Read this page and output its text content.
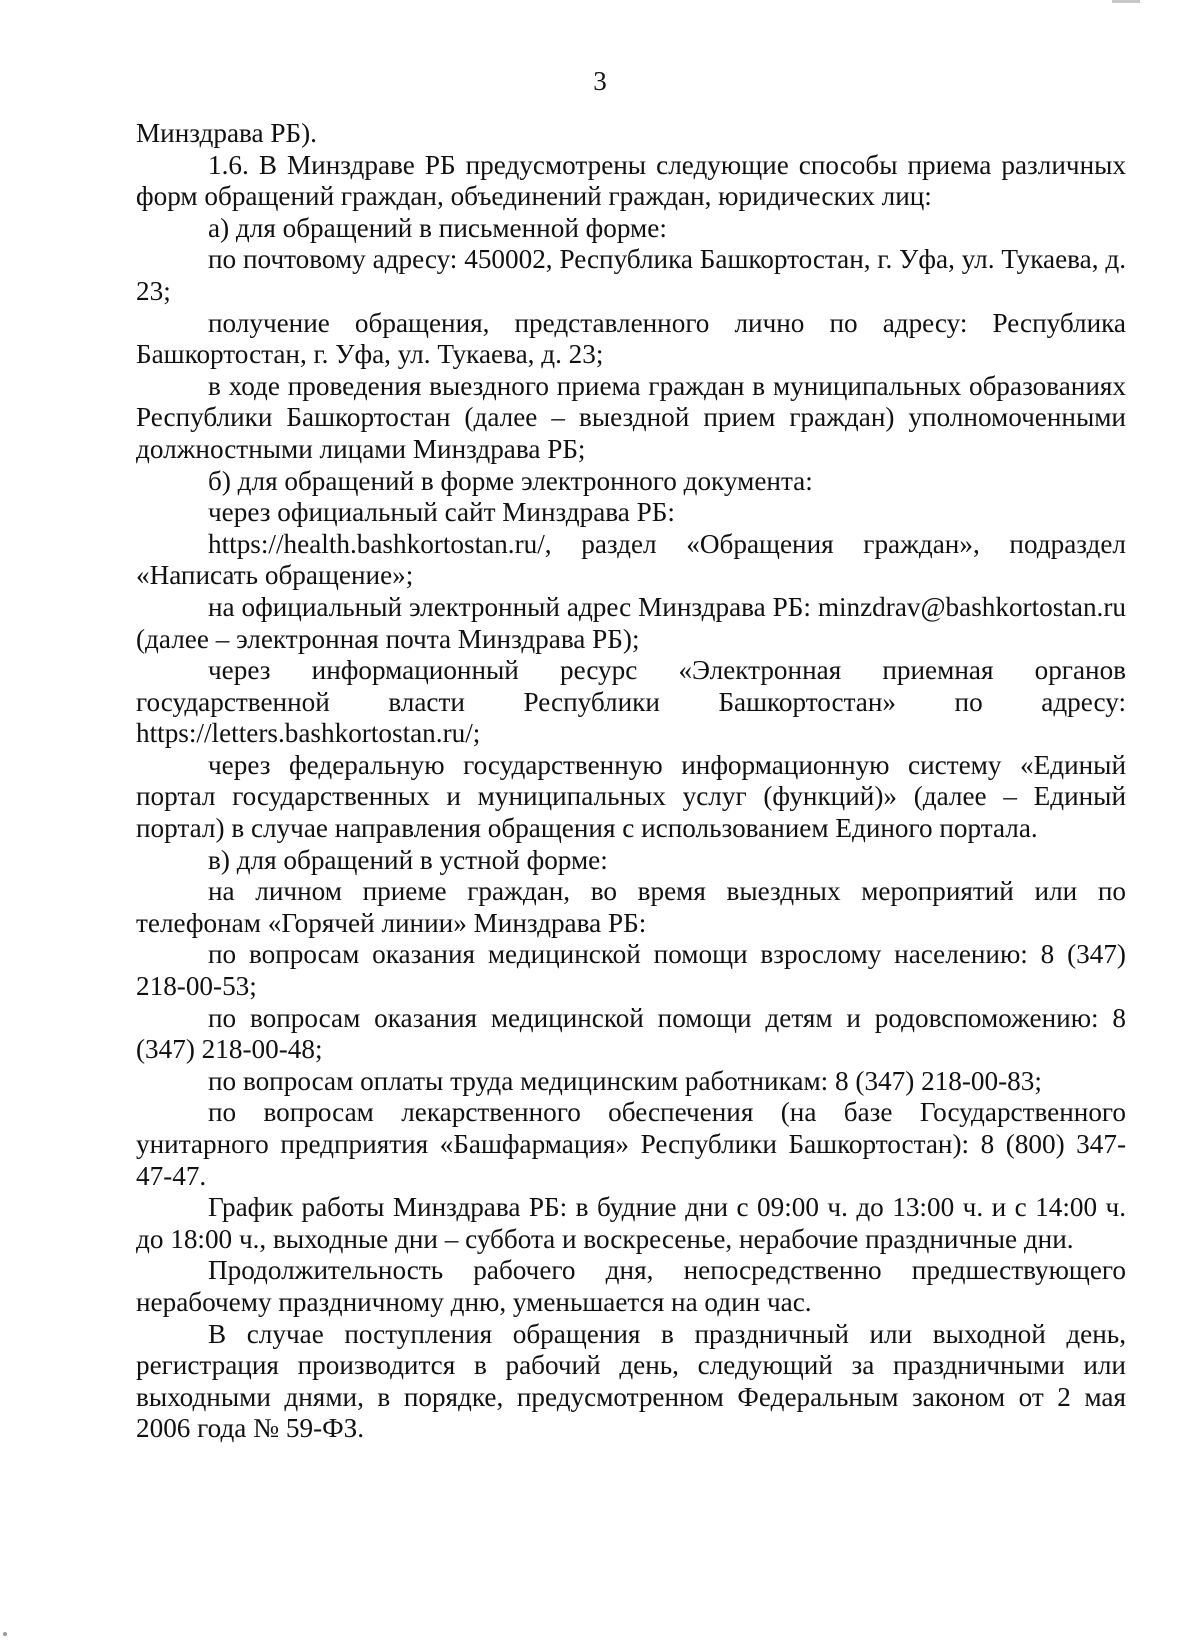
3

Минздрава РБ).

1.6. В Минздраве РБ предусмотрены следующие способы приема различных форм обращений граждан, объединений граждан, юридических лиц:

а) для обращений в письменной форме:

по почтовому адресу: 450002, Республика Башкортостан, г. Уфа, ул. Тукаева, д. 23;

получение обращения, представленного лично по адресу: Республика Башкортостан, г. Уфа, ул. Тукаева, д. 23;

в ходе проведения выездного приема граждан в муниципальных образованиях Республики Башкортостан (далее – выездной прием граждан) уполномоченными должностными лицами Минздрава РБ;

б) для обращений в форме электронного документа:

через официальный сайт Минздрава РБ:

https://health.bashkortostan.ru/, раздел «Обращения граждан», подраздел «Написать обращение»;

на официальный электронный адрес Минздрава РБ: minzdrav@bashkortostan.ru (далее – электронная почта Минздрава РБ);

через информационный ресурс «Электронная приемная органов государственной власти Республики Башкортостан» по адресу: https://letters.bashkortostan.ru/;

через федеральную государственную информационную систему «Единый портал государственных и муниципальных услуг (функций)» (далее – Единый портал) в случае направления обращения с использованием Единого портала.

в) для обращений в устной форме:

на личном приеме граждан, во время выездных мероприятий или по телефонам «Горячей линии» Минздрава РБ:

по вопросам оказания медицинской помощи взрослому населению: 8 (347) 218-00-53;

по вопросам оказания медицинской помощи детям и родовспоможению: 8 (347) 218-00-48;

по вопросам оплаты труда медицинским работникам: 8 (347) 218-00-83;

по вопросам лекарственного обеспечения (на базе Государственного унитарного предприятия «Башфармация» Республики Башкортостан): 8 (800) 347-47-47.

График работы Минздрава РБ: в будние дни с 09:00 ч. до 13:00 ч. и с 14:00 ч. до 18:00 ч., выходные дни – суббота и воскресенье, нерабочие праздничные дни.

Продолжительность рабочего дня, непосредственно предшествующего нерабочему праздничному дню, уменьшается на один час.

В случае поступления обращения в праздничный или выходной день, регистрация производится в рабочий день, следующий за праздничными или выходными днями, в порядке, предусмотренном Федеральным законом от 2 мая 2006 года № 59-ФЗ.
